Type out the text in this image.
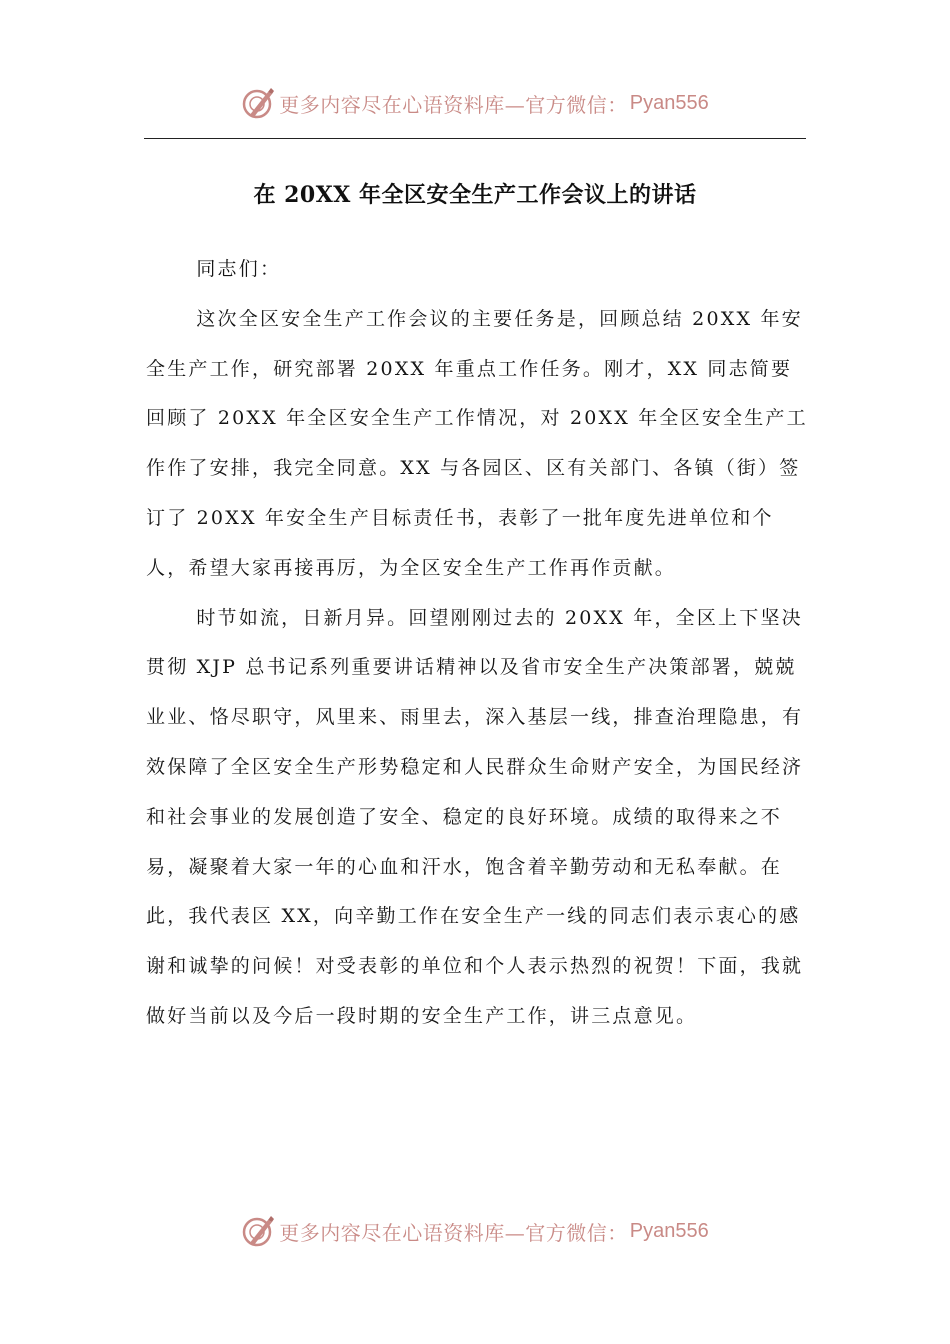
更多内容尽在心语资料库—官方微信： Pyan556
在 20XX 年全区安全生产工作会议上的讲话

同志们：

这次全区安全生产工作会议的主要任务是，回顾总结 20XX 年安全生产工作，研究部署 20XX 年重点工作任务。刚才，XX 同志简要回顾了 20XX 年全区安全生产工作情况，对 20XX 年全区安全生产工作作了安排，我完全同意。XX 与各园区、区有关部门、各镇（街）签订了 20XX 年安全生产目标责任书，表彰了一批年度先进单位和个人，希望大家再接再厉，为全区安全生产工作再作贡献。

时节如流，日新月异。回望刚刚过去的 20XX 年，全区上下坚决贯彻 XJP 总书记系列重要讲话精神以及省市安全生产决策部署，兢兢业业、恪尽职守，风里来、雨里去，深入基层一线，排查治理隐患，有效保障了全区安全生产形势稳定和人民群众生命财产安全，为国民经济和社会事业的发展创造了安全、稳定的良好环境。成绩的取得来之不易，凝聚着大家一年的心血和汗水，饱含着辛勤劳动和无私奉献。在此，我代表区 XX，向辛勤工作在安全生产一线的同志们表示衷心的感谢和诚挚的问候！对受表彰的单位和个人表示热烈的祝贺！下面，我就做好当前以及今后一段时期的安全生产工作，讲三点意见。

更多内容尽在心语资料库—官方微信： Pyan556
